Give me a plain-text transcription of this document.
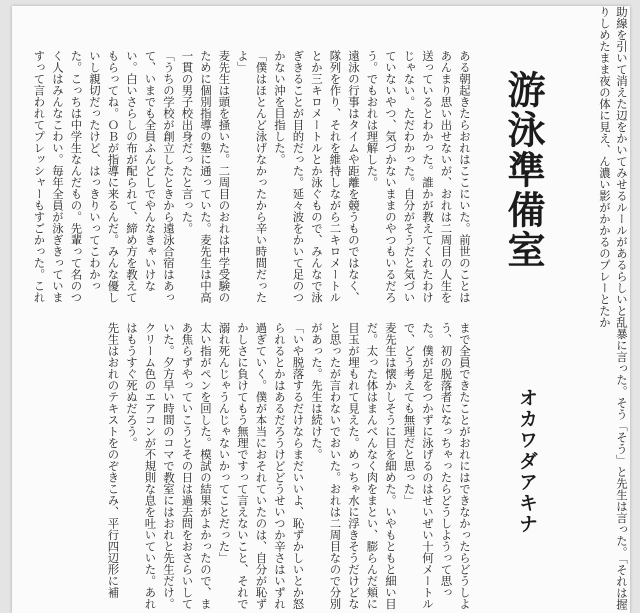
游泳準備室
オカワダアキナ

ある朝起きたらおれはここにいた。前世のことはあんまり思い出せないが、おれは二周目の人生を送っているとわかった。誰かが教えてくれたわけじゃない。ただわかった。自分がそうだと気づいていないやつ、気づかないままのやつもいるだろう。でもおれは理解した。

遠泳の行事はタイムや距離を競うものではなく、隊列を作り、それを維持しながら二キロメートルとか三キロメートルとか泳ぐもので、みんなで泳ぎきることが目的だった。延々波をかいて足のつかない沖を目指した。

「僕はほとんど泳げなかったから辛い時間だったよ」

麦先生は頭を掻いた。二周目のおれは中学受験のために個別指導の塾に通っていた。麦先生は中高一貫の男子校出身だったと言った。

「うちの学校が創立したときから遠泳合宿はあって、いまでも全員ふんどしでやんなきゃいけない。白いさらしの布が配られて、締め方を教えてもらってね。ＯＢが指導に来るんだ。みんな優しいし親切だったけど、はっきりいってこわかった。こっちは中学生なんだもの。先輩って名のつく人はみんなこわい。毎年全員が泳ぎきっていますって言われてプレッシャーもすごかった。これ

まで全員できたことがおれにはできなかったらどうしよう、初の脱落者になっちゃったらどうしようって思った。僕が足をつかずに泳げるのはせいぜい十何メートルで、どう考えても無理だと思った」

麦先生は懐かしそうに目を細めた。いやもともと細い目だ。太った体はまんべんなく肉をまとい、膨らんだ頬に目玉が埋もれて見えた。めっちゃ水に浮きそうだけどなと思ったが言わないでおいた。おれは二周目なので分別があった。先生は続けた。

「いや脱落するだけならまだいいよ、恥ずかしいとか怒られるとかはあるだろうけどどうせいつか辛さはいずれ過ぎていく。僕が本当におそれていたのは、自分が恥ずかしさに負けてもう無理ですって言えないこと、それで溺れ死んじゃうんじゃないかってことだった」

太い指がペンを回した。模試の結果がよかったので、まあ焦らずやっていこうとその日は過去問をおさらいしていた。夕方早い時間のコマで教室にはおれと先生だけ。クリーム色のエアコンが不規則な息を吐いていた。あれはもうすぐ死ぬだろう。

先生はおれのテキストをのぞきこみ、平行四辺形に補	助線を引いて消えた辺をかいてみせるルールがあるらしいと乱暴に言った。そう「そう」と先生は言った。「それは握りしめたまま夜の体に見え、ん濃い影がかかるのプレーとたか
